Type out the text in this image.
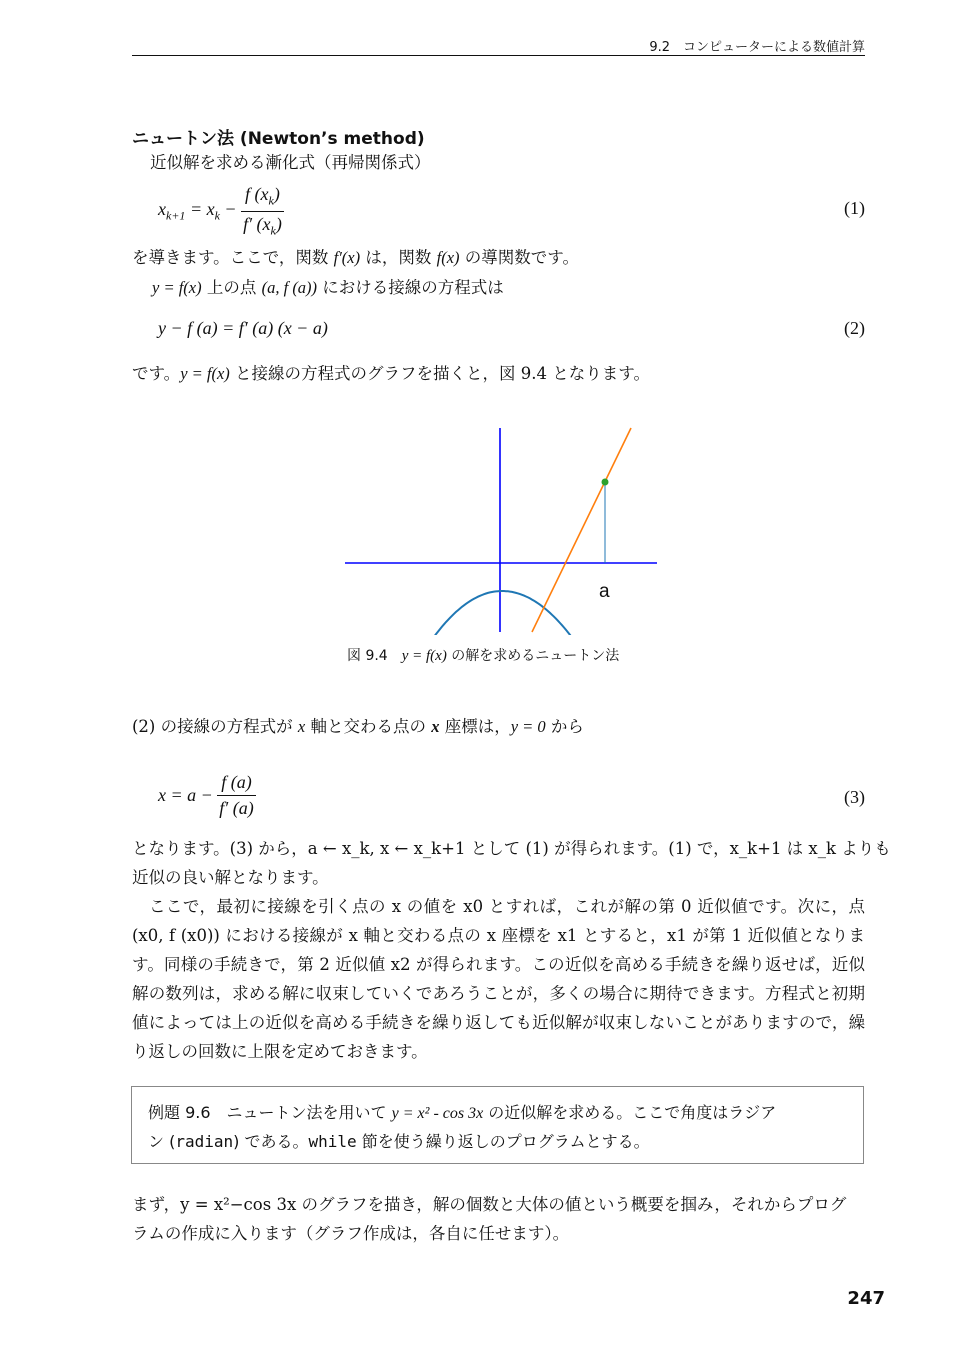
9.2　コンピューターによる数値計算
ニュートン法 (Newton’s method)
近似解を求める漸化式（再帰関係式）
$x_{k+1} = x_k - \frac{f (x_k)}{f' (x_k)}$	(1)
を導きます。ここで，関数 f′(x) は，関数 f(x) の導関数です。
y = f(x) 上の点 (a, f (a)) における接線の方程式は
y − f (a) = f′ (a) (x − a)	(2)
です。y = f(x) と接線の方程式のグラフを描くと，図 9.4 となります。
a
図 9.4　y = f(x) の解を求めるニュートン法
(2) の接線の方程式が x 軸と交わる点の x 座標は，y = 0 から
$x = a - \frac{f (a)}{f' (a)}$	(3)
となります。(3) から，a ← x_k, x ← x_k+1 として (1) が得られます。(1) で，x_k+1 は x_k よりも
近似の良い解となります。
　ここで，最初に接線を引く点の x の値を x0 とすれば，これが解の第 0 近似値です。次に，点 (x0, f (x0)) における接線が x 軸と交わる点の x 座標を x1 とすると，x1 が第 1 近似値となります。同様の手続きで，第 2 近似値 x2 が得られます。この近似を高める手続きを繰り返せば，近似解の数列は，求める解に収束していくであろうことが，多くの場合に期待できます。方程式と初期値によっては上の近似を高める手続きを繰り返しても近似解が収束しないことがありますので，繰り返しの回数に上限を定めておきます。
例題 9.6　ニュートン法を用いて y = x² - cos 3x の近似解を求める。ここで角度はラジア
ン (radian) である。while 節を使う繰り返しのプログラムとする。
まず，y = x²−cos 3x のグラフを描き，解の個数と大体の値という概要を掴み，それからプログ
ラムの作成に入ります（グラフ作成は，各自に任せます）。
247
